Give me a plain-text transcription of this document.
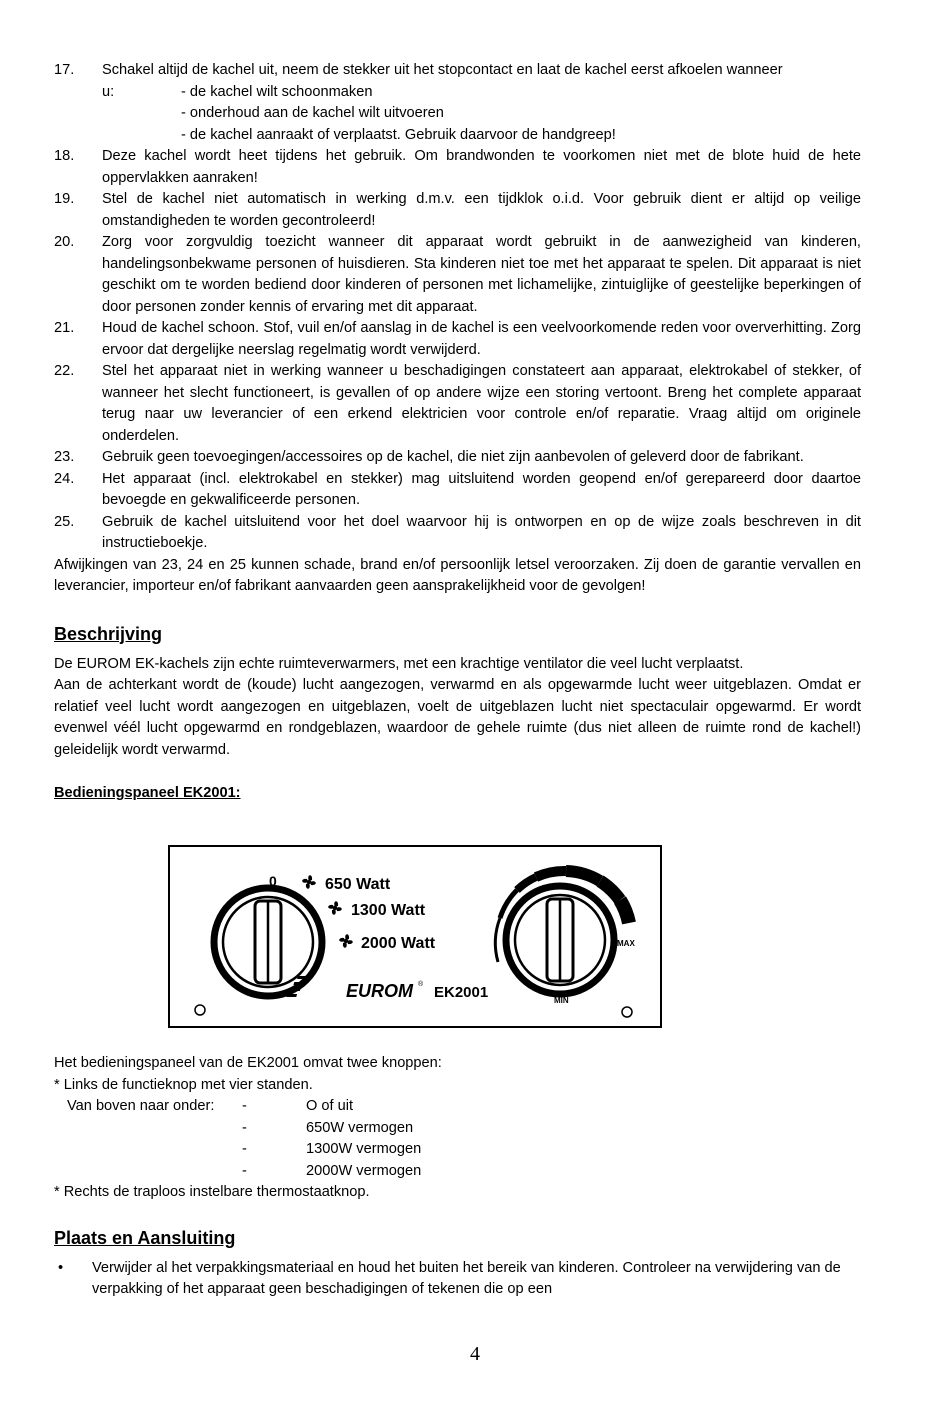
17. Schakel altijd de kachel uit, neem de stekker uit het stopcontact en laat de kachel eerst afkoelen wanneer
u:	- de kachel wilt schoonmaken
- onderhoud aan de kachel wilt uitvoeren
- de kachel aanraakt of verplaatst. Gebruik daarvoor de handgreep!
18. Deze kachel wordt heet tijdens het gebruik. Om brandwonden te voorkomen niet met de blote huid de hete oppervlakken aanraken!
19. Stel de kachel niet automatisch in werking d.m.v. een tijdklok o.i.d. Voor gebruik dient er altijd op veilige omstandigheden te worden gecontroleerd!
20. Zorg voor zorgvuldig toezicht wanneer dit apparaat wordt gebruikt in de aanwezigheid van kinderen, handelingsonbekwame personen of huisdieren. Sta kinderen niet toe met het apparaat te spelen. Dit apparaat is niet geschikt om te worden bediend door kinderen of personen met lichamelijke, zintuiglijke of geestelijke beperkingen of door personen zonder kennis of ervaring met dit apparaat.
21. Houd de kachel schoon. Stof, vuil en/of aanslag in de kachel is een veelvoorkomende reden voor oververhitting. Zorg ervoor dat dergelijke neerslag regelmatig wordt verwijderd.
22. Stel het apparaat niet in werking wanneer u beschadigingen constateert aan apparaat, elektrokabel of stekker, of wanneer het slecht functioneert, is gevallen of op andere wijze een storing vertoont. Breng het complete apparaat terug naar uw leverancier of een erkend elektricien voor controle en/of reparatie. Vraag altijd om originele onderdelen.
23. Gebruik geen toevoegingen/accessoires op de kachel, die niet zijn aanbevolen of geleverd door de fabrikant.
24. Het apparaat (incl. elektrokabel en stekker) mag uitsluitend worden geopend en/of gerepareerd door daartoe bevoegde en gekwalificeerde personen.
25. Gebruik de kachel uitsluitend voor het doel waarvoor hij is ontworpen en op de wijze zoals beschreven in dit instructieboekje.

Afwijkingen van 23, 24 en 25 kunnen schade, brand en/of persoonlijk letsel veroorzaken. Zij doen de garantie vervallen en leverancier, importeur en/of fabrikant aanvaarden geen aansprakelijkheid voor de gevolgen!

Beschrijving

De EUROM EK-kachels zijn echte ruimteverwarmers, met een krachtige ventilator die veel lucht verplaatst.

Aan de achterkant wordt de (koude) lucht aangezogen, verwarmd en als opgewarmde lucht weer uitgeblazen. Omdat er relatief veel lucht wordt aangezogen en uitgeblazen, voelt de uitgeblazen lucht niet spectaculair opgewarmd. Er wordt evenwel véél lucht opgewarmd en rondgeblazen, waardoor de gehele ruimte (dus niet alleen de ruimte rond de kachel!) geleidelijk wordt verwarmd.

Bedieningspaneel EK2001:
0	650 Watt
1300 Watt
2000 Watt
EUROM ® EK2001
MAX
MIN

Het bedieningspaneel van de EK2001 omvat twee knoppen:

* Links de functieknop met vier standen.

Van boven naar onder: -	O of uit
-	650W vermogen
-	1300W vermogen
-	2000W vermogen

* Rechts de traploos instelbare thermostaatknop.

Plaats en Aansluiting
• Verwijder al het verpakkingsmateriaal en houd het buiten het bereik van kinderen. Controleer na verwijdering van de verpakking of het apparaat geen beschadigingen of tekenen die op een
4
